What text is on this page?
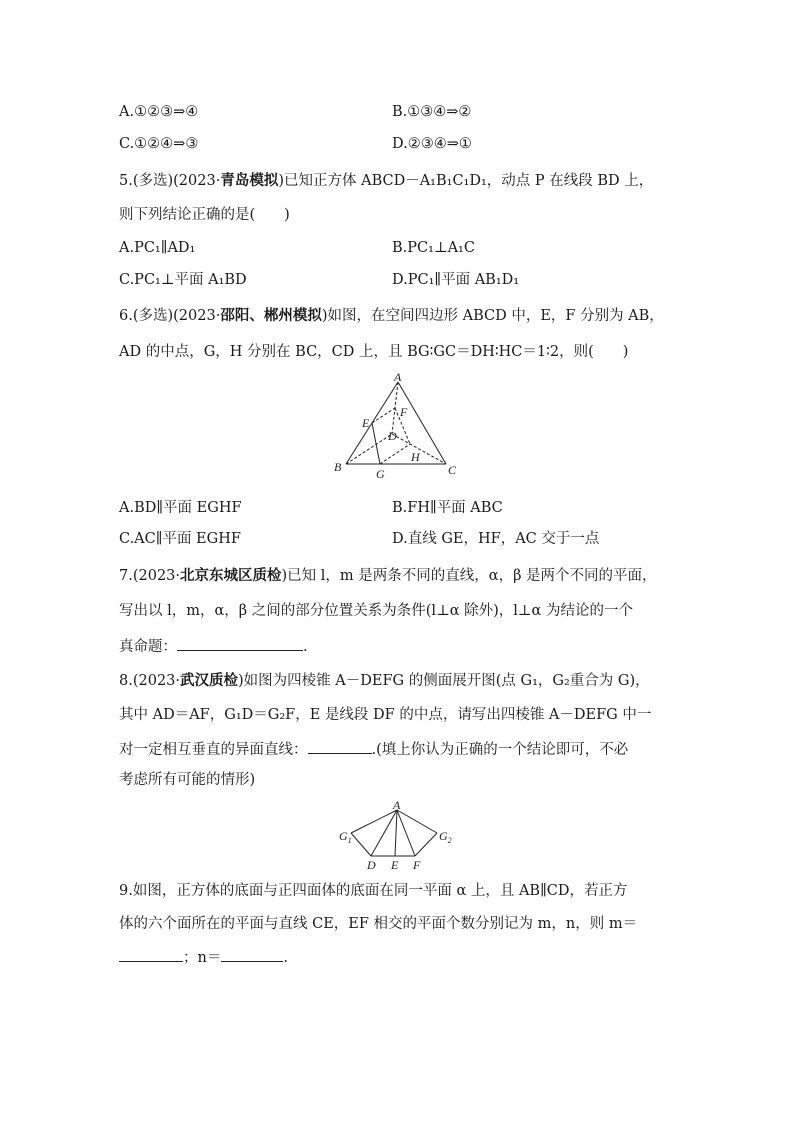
A.①②③⇒④	B.①③④⇒②
C.①②④⇒③	D.②③④⇒①
5.(多选)(2023·青岛模拟)已知正方体 ABCD－A₁B₁C₁D₁，动点 P 在线段 BD 上，
则下列结论正确的是(　　)
A.PC₁∥AD₁	B.PC₁⊥A₁C
C.PC₁⊥平面 A₁BD	D.PC₁∥平面 AB₁D₁
6.(多选)(2023·邵阳、郴州模拟)如图，在空间四边形 ABCD 中，E，F 分别为 AB，
AD 的中点，G，H 分别在 BC，CD 上，且 BG∶GC＝DH∶HC＝1∶2，则(　　)
A
B	C
D
E
F
G
H
A.BD∥平面 EGHF	B.FH∥平面 ABC
C.AC∥平面 EGHF	D.直线 GE，HF，AC 交于一点
7.(2023·北京东城区质检)已知 l，m 是两条不同的直线，α，β 是两个不同的平面，
写出以 l，m，α，β 之间的部分位置关系为条件(l⊥α 除外)，l⊥α 为结论的一个
真命题：	.
8.(2023·武汉质检)如图为四棱锥 A－DEFG 的侧面展开图(点 G₁，G₂重合为 G)，
其中 AD＝AF，G₁D＝G₂F，E 是线段 DF 的中点，请写出四棱锥 A－DEFG 中一
对一定相互垂直的异面直线：	.(填上你认为正确的一个结论即可，不必
考虑所有可能的情形)
A
$G_1$	$G_2$
D E F
9.如图，正方体的底面与正四面体的底面在同一平面 α 上，且 AB∥CD，若正方
体的六个面所在的平面与直线 CE，EF 相交的平面个数分别记为 m，n，则 m＝
；n＝	.
